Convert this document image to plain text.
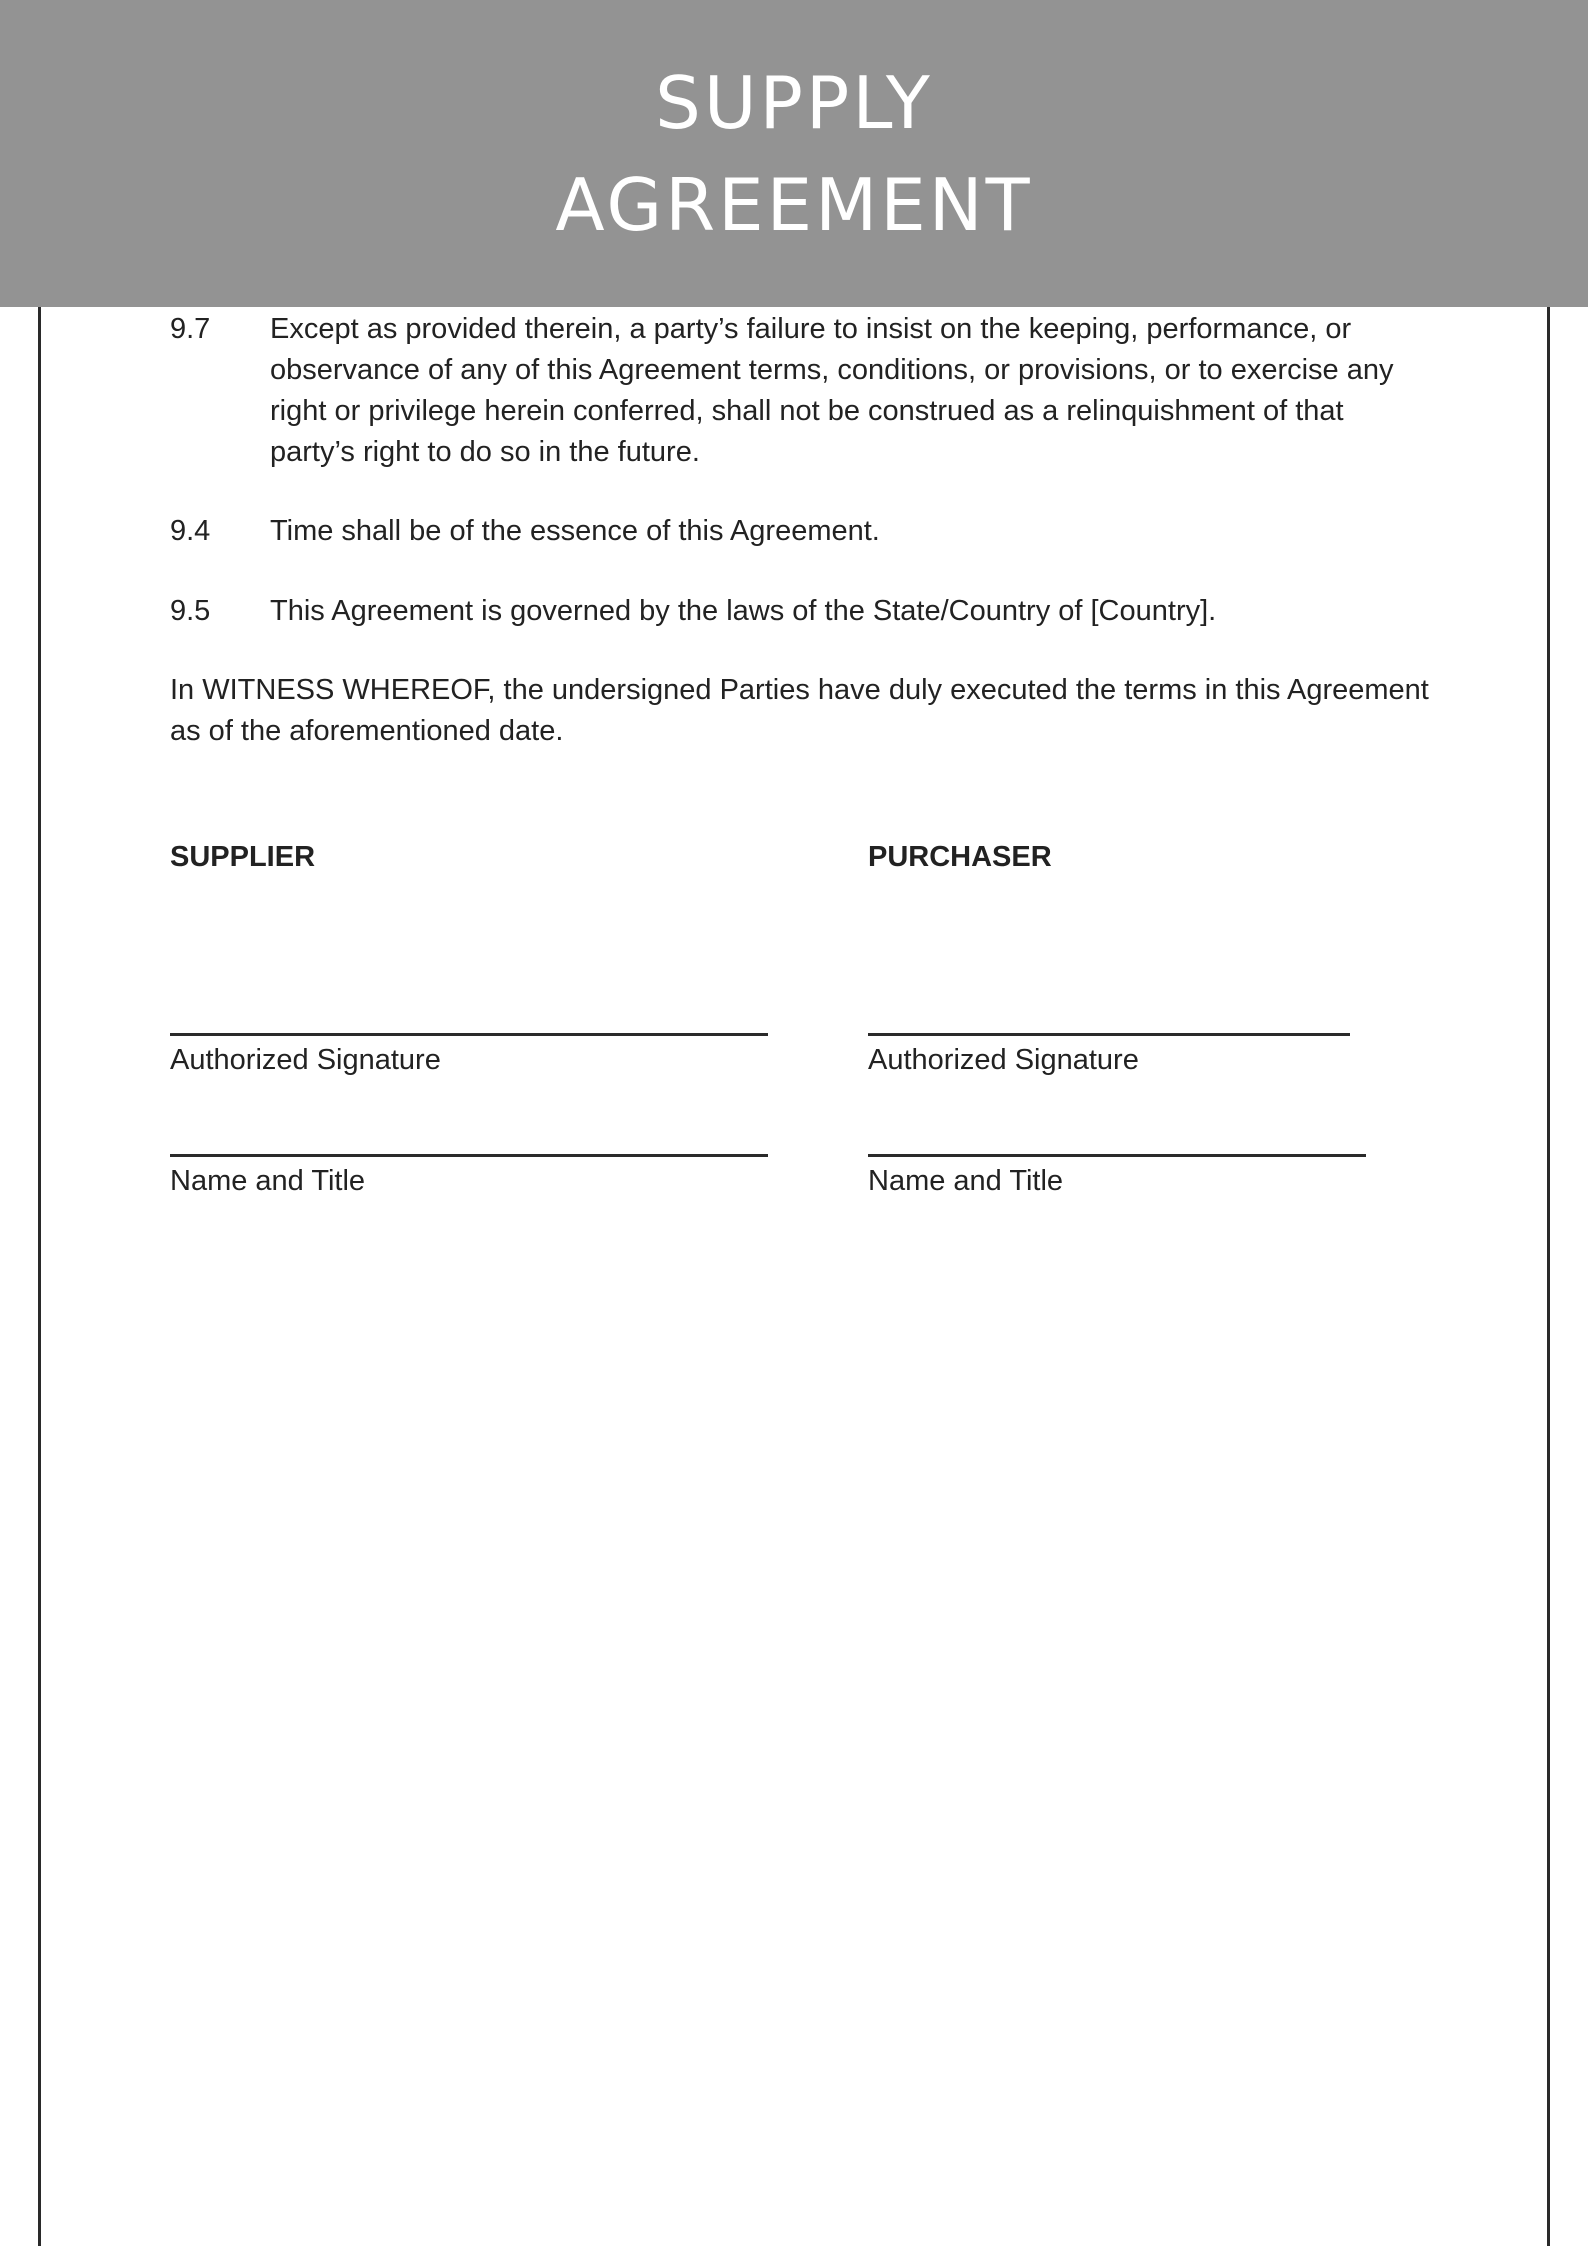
SUPPLY
AGREEMENT
9.7	Except as provided therein, a party’s failure to insist on the keeping, performance, or observance of any of this Agreement terms, conditions, or provisions, or to exercise any right or privilege herein conferred, shall not be construed as a relinquishment of that party’s right to do so in the future.
9.4	Time shall be of the essence of this Agreement.
9.5	This Agreement is governed by the laws of the State/Country of [Country].
In WITNESS WHEREOF, the undersigned Parties have duly executed the terms in this Agreement as of the aforementioned date.
SUPPLIER
Authorized Signature
Name and Title
PURCHASER
Authorized Signature
Name and Title
